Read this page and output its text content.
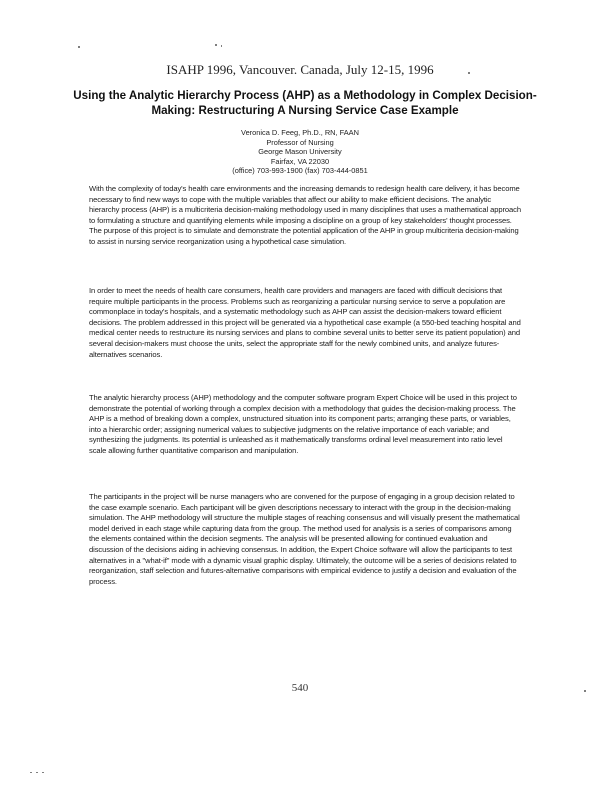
ISAHP 1996, Vancouver. Canada, July 12-15, 1996
Using the Analytic Hierarchy Process (AHP) as a Methodology in Complex Decision-Making: Restructuring A Nursing Service Case Example
Veronica D. Feeg, Ph.D., RN, FAAN
Professor of Nursing
George Mason University
Fairfax, VA 22030
(office) 703-993-1900 (fax) 703-444-0851

With the complexity of today's health care environments and the increasing demands to redesign health care delivery, it has become necessary to find new ways to cope with the multiple variables that affect our ability to make efficient decisions. The analytic hierarchy process (AHP) is a multicriteria decision-making methodology used in many disciplines that uses a mathematical approach to formulating a structure and quantifying elements while imposing a discipline on a group of key stakeholders' thought processes. The purpose of this project is to simulate and demonstrate the potential application of the AHP in group multicriteria decision-making to assist in nursing service reorganization using a hypothetical case simulation.

In order to meet the needs of health care consumers, health care providers and managers are faced with difficult decisions that require multiple participants in the process. Problems such as reorganizing a particular nursing service to serve a population are commonplace in today's hospitals, and a systematic methodology such as AHP can assist the decision-makers toward efficient decisions. The problem addressed in this project will be generated via a hypothetical case example (a 550-bed teaching hospital and medical center needs to restructure its nursing services and plans to combine several units to better serve its patient population) and several decision-makers must choose the units, select the appropriate staff for the newly combined units, and analyze futures-alternatives scenarios.

The analytic hierarchy process (AHP) methodology and the computer software program Expert Choice will be used in this project to demonstrate the potential of working through a complex decision with a methodology that guides the decision-making process. The AHP is a method of breaking down a complex, unstructured situation into its component parts; arranging these parts, or variables, into a hierarchic order; assigning numerical values to subjective judgments on the relative importance of each variable; and synthesizing the judgments. Its potential is unleashed as it mathematically transforms ordinal level measurement into ratio level scale allowing further quantitative comparison and manipulation.

The participants in the project will be nurse managers who are convened for the purpose of engaging in a group decision related to the case example scenario. Each participant will be given descriptions necessary to interact with the group in the decision-making simulation. The AHP methodology will structure the multiple stages of reaching consensus and will visually present the mathematical model derived in each stage while capturing data from the group. The method used for analysis is a series of comparisons among the elements contained within the decision segments. The analysis will be presented allowing for continued evaluation and discussion of the decisions aiding in achieving consensus. In addition, the Expert Choice software will allow the participants to test alternatives in a "what-if" mode with a dynamic visual graphic display. Ultimately, the outcome will be a series of decisions related to reorganization, staff selection and futures-alternative comparisons with empirical evidence to justify a decision and evaluation of the process.

540
